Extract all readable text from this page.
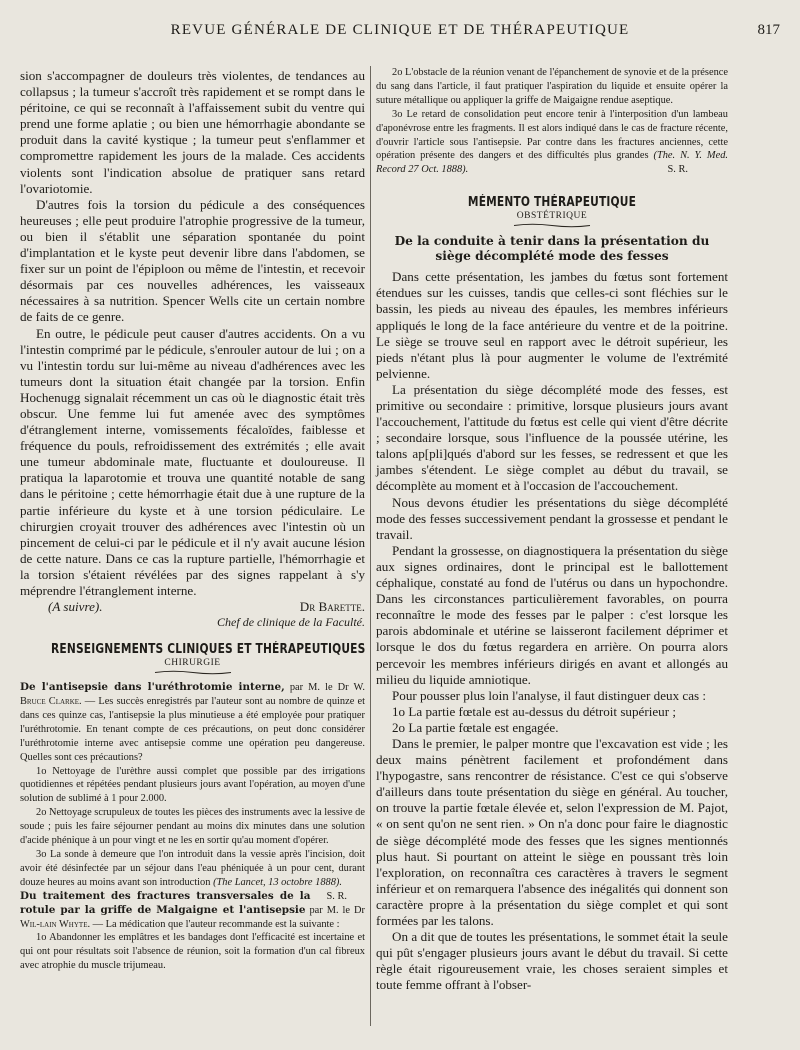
REVUE GÉNÉRALE DE CLINIQUE ET DE THÉRAPEUTIQUE	817

sion s'accompagner de douleurs très violentes, de tendances au collapsus ; la tumeur s'accroît très rapidement et se rompt dans le péritoine, ce qui se reconnaît à l'affaissement subit du ventre qui prend une forme aplatie ; ou bien une hémorrhagie abondante se produit dans la cavité kystique ; la tumeur peut s'enflammer et compromettre rapidement les jours de la malade. Ces accidents violents sont l'indication absolue de pratiquer sans retard l'ovariotomie.

D'autres fois la torsion du pédicule a des conséquences heureuses ; elle peut produire l'atrophie progressive de la tumeur, ou bien il s'établit une séparation spontanée du point d'implantation et le kyste peut devenir libre dans l'abdomen, se fixer sur un point de l'épiploon ou même de l'intestin, et recevoir désormais par ces nouvelles adhérences, les vaisseaux nécessaires à sa nutrition. Spencer Wells cite un certain nombre de faits de ce genre.

En outre, le pédicule peut causer d'autres accidents. On a vu l'intestin comprimé par le pédicule, s'enrouler autour de lui ; on a vu l'intestin tordu sur lui-même au niveau d'adhérences avec les tumeurs dont la situation était changée par la torsion. Enfin Hochenugg signalait récemment un cas où le diagnostic était très obscur. Une femme lui fut amenée avec des symptômes d'étranglement interne, vomissements fécaloïdes, faiblesse et fréquence du pouls, refroidissement des extrémités ; elle avait une tumeur abdominale mate, fluctuante et douloureuse. Il pratiqua la laparotomie et trouva une quantité notable de sang dans le péritoine ; cette hémorrhagie était due à une rupture de la partie inférieure du kyste et à une torsion pédiculaire. Le chirurgien croyait trouver des adhérences avec l'intestin où un pincement de celui-ci par le pédicule et il n'y avait aucune lésion de cette nature. Dans ce cas la rupture partielle, l'hémorrhagie et la torsion s'étaient révélées par des signes rappelant à s'y méprendre l'étranglement interne.

(A suivre).	Dr Barette.
Chef de clinique de la Faculté.
RENSEIGNEMENTS CLINIQUES ET THÉRAPEUTIQUES
CHIRURGIE

De l'antisepsie dans l'uréthrotomie interne, par M. le Dr W. Bruce Clarke. — Les succès enregistrés par l'auteur sont au nombre de quinze et dans ces quinze cas, l'antisepsie la plus minutieuse a été employée pour pratiquer l'uréthrotomie. En tenant compte de ces précautions, on peut donc considérer l'uréthrotomie interne avec antisepsie comme une opération peu dangereuse. Quelles sont ces précautions?

1o Nettoyage de l'urèthre aussi complet que possible par des irrigations quotidiennes et répétées pendant plusieurs jours avant l'opération, au moyen d'une solution de sublimé à 1 pour 2.000.

2o Nettoyage scrupuleux de toutes les pièces des instruments avec la lessive de soude ; puis les faire séjourner pendant au moins dix minutes dans une solution d'acide phénique à un pour vingt et ne les en sortir qu'au moment d'opérer.

3o La sonde à demeure que l'on introduit dans la vessie après l'incision, doit avoir été désinfectée par un séjour dans l'eau phéniquée à un pour cent, durant douze heures au moins avant son introduction (The Lancet, 13 octobre 1888).
S. R.

Du traitement des fractures transversales de la rotule par la griffe de Malgaigne et l'antisepsie par M. le Dr Wil-lain Whyte. — La médication que l'auteur recommande est la suivante :

1o Abandonner les emplâtres et les bandages dont l'efficacité est incertaine et qui ont pour résultats soit l'absence de réunion, soit la formation d'un cal fibreux avec atrophie du muscle trijumeau.

2o L'obstacle de la réunion venant de l'épanchement de synovie et de la présence du sang dans l'article, il faut pratiquer l'aspiration du liquide et ensuite opérer la suture métallique ou appliquer la griffe de Maigaigne rendue aseptique.

3o Le retard de consolidation peut encore tenir à l'interposition d'un lambeau d'aponévrose entre les fragments. Il est alors indiqué dans le cas de fracture récente, d'ouvrir l'article sous l'antisepsie. Par contre dans les fractures anciennes, cette opération présente des dangers et des difficultés plus grandes (The. N. Y. Med. Record 27 Oct. 1888).	S. R.

MÉMENTO THÉRAPEUTIQUE
OBSTÉTRIQUE
De la conduite à tenir dans la présentation du siège décomplété mode des fesses

Dans cette présentation, les jambes du fœtus sont fortement étendues sur les cuisses, tandis que celles-ci sont fléchies sur le bassin, les pieds au niveau des épaules, les membres inférieurs appliqués le long de la face antérieure du ventre et de la poitrine. Le siège se trouve seul en rapport avec le détroit supérieur, les pieds n'étant plus là pour augmenter le volume de l'extrémité pelvienne.

La présentation du siège décomplété mode des fesses, est primitive ou secondaire : primitive, lorsque plusieurs jours avant l'accouchement, l'attitude du fœtus est celle qui vient d'être décrite ; secondaire lorsque, sous l'influence de la poussée utérine, les talons ap[pli]qués d'abord sur les fesses, se redressent et que les jambes s'étendent. Le siège complet au début du travail, se décomplète au moment et à l'occasion de l'accouchement.

Nous devons étudier les présentations du siège décomplété mode des fesses successivement pendant la grossesse et pendant le travail.

Pendant la grossesse, on diagnostiquera la présentation du siège aux signes ordinaires, dont le principal est le ballottement céphalique, constaté au fond de l'utérus ou dans un hypochondre. Dans les circonstances particulièrement favorables, on pourra reconnaître le mode des fesses par le palper : c'est lorsque les parois abdominale et utérine se laisseront facilement déprimer et lorsque le dos du fœtus regardera en arrière. On pourra alors percevoir les membres inférieurs dirigés en avant et allongés au milieu du liquide amniotique.

Pour pousser plus loin l'analyse, il faut distinguer deux cas :

1o La partie fœtale est au-dessus du détroit supérieur ;

2o La partie fœtale est engagée.

Dans le premier, le palper montre que l'excavation est vide ; les deux mains pénètrent facilement et profondément dans l'hypogastre, sans rencontrer de résistance. C'est ce qui s'observe d'ailleurs dans toute présentation du siège en général. Au toucher, on trouve la partie fœtale élevée et, selon l'expression de M. Pajot, « on sent qu'on ne sent rien. » On n'a donc pour faire le diagnostic de siège décomplété mode des fesses que les signes mentionnés plus haut. Si pourtant on atteint le siège en poussant très loin l'exploration, on reconnaîtra ces caractères à travers le segment inférieur et on remarquera l'absence des inégalités qui donnent son caractère propre à la présentation du siège complet et qui sont formées par les talons.

On a dit que de toutes les présentations, le sommet était la seule qui pût s'engager plusieurs jours avant le début du travail. Si cette règle était rigoureusement vraie, les choses seraient simples et toute femme offrant à l'obser-
